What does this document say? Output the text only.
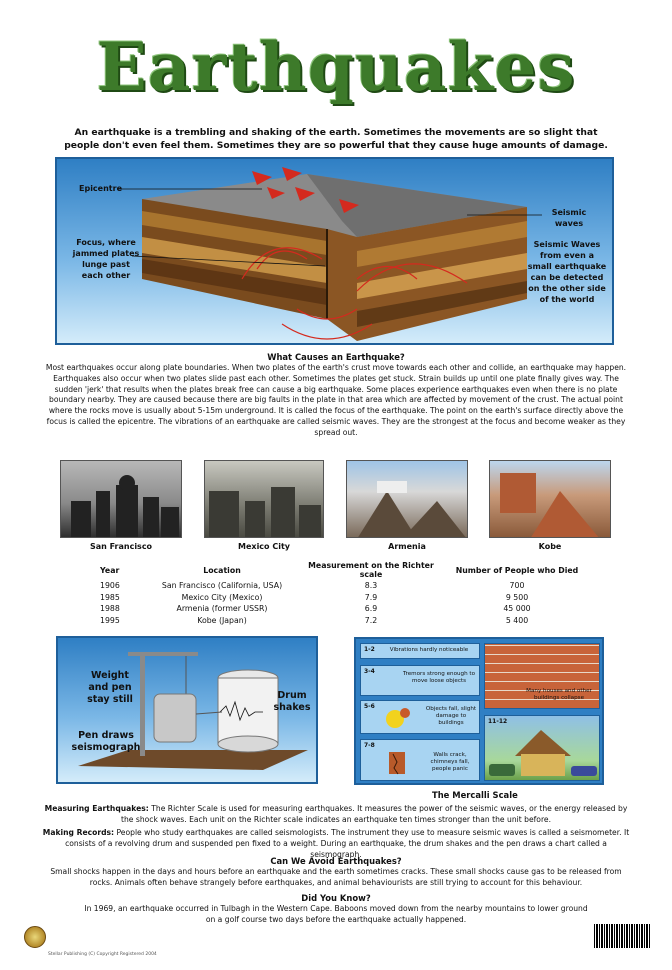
Earthquakes
An earthquake is a trembling and shaking of the earth. Sometimes the movements are so slight that people don't even feel them. Sometimes they are so powerful that they cause huge amounts of damage.
Epicentre
Focus, where jammed plates lunge past each other
Seismic waves
Seismic Waves from even a small earthquake can be detected on the other side of the world
What Causes an Earthquake?
Most earthquakes occur along plate boundaries. When two plates of the earth's crust move towards each other and collide, an earthquake may happen. Earthquakes also occur when two plates slide past each other. Sometimes the plates get stuck. Strain builds up until one plate finally gives way. The sudden 'jerk' that results when the plates break free can cause a big earthquake. Some places experience earthquakes even when there is no plate boundary nearby. They are caused because there are big faults in the plate in that area which are affected by movement of the crust. The actual point where the rocks move is usually about 5-15m underground. It is called the focus of the earthquake. The point on the earth's surface directly above the focus is called the epicentre. The vibrations of an earthquake are called seismic waves. They are the strongest at the focus and become weaker as they spread out.
San Francisco	Mexico City	Armenia	Kobe
Year	Location	Measurement on the Richter scale	Number of People who Died
1906	San Francisco (California, USA)	8.3	700
1985	Mexico City (Mexico)	7.9	9 500
1988	Armenia (former USSR)	6.9	45 000
1995	Kobe (Japan)	7.2	5 400
Weight and pen stay still	Drum shakes
Pen draws seismograph
1-2	Vibrations hardly noticeable
3-4	Tremors strong enough to move loose objects
5-6	Objects fall, slight damage to buildings
7-8
Walls crack, chimneys fall, people panic
Many houses and other buildings collapse
11-12
The Mercalli Scale
Measuring Earthquakes: The Richter Scale is used for measuring earthquakes. It measures the power of the seismic waves, or the energy released by the shock waves. Each unit on the Richter scale indicates an earthquake ten times stronger than the unit before.
Making Records: People who study earthquakes are called seismologists. The instrument they use to measure seismic waves is called a seismometer. It consists of a revolving drum and suspended pen fixed to a weight. During an earthquake, the drum shakes and the pen draws a chart called a seismograph.
Can We Avoid Earthquakes?
Small shocks happen in the days and hours before an earthquake and the earth sometimes cracks. These small shocks cause gas to be released from rocks. Animals often behave strangely before earthquakes, and animal behaviourists are still trying to account for this behaviour.
Did You Know?
In 1969, an earthquake occurred in Tulbagh in the Western Cape. Baboons moved down from the nearby mountains to lower ground on a golf course two days before the earthquake actually happened.
Stellar Publishing (C) Copyright Registered 2004
